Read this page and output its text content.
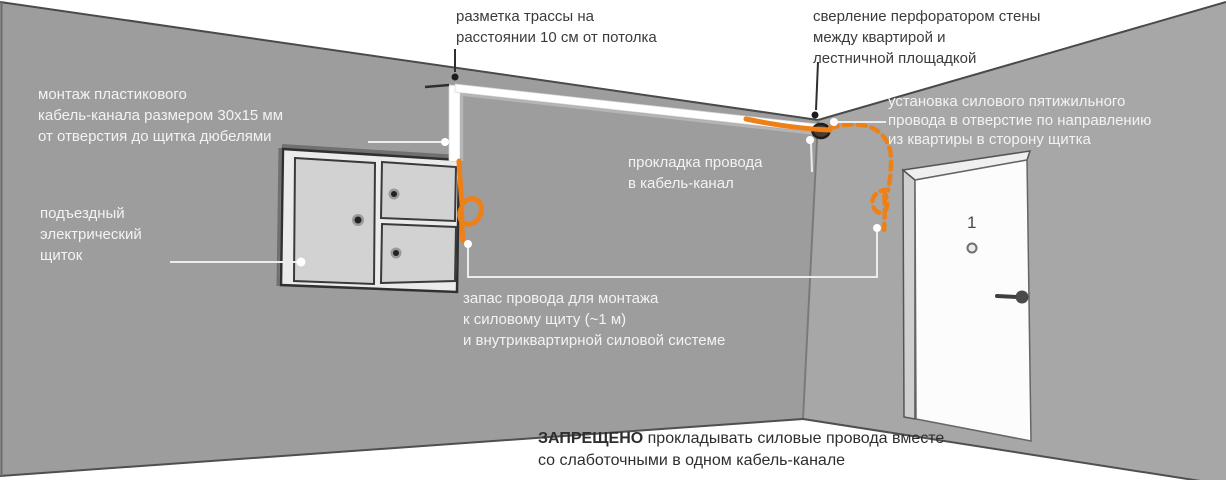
разметка трассы на
расстоянии 10 см от потолка
сверление перфоратором стены
между квартирой и
лестничной площадкой
монтаж пластикового
кабель-канала размером 30x15 мм
от отверстия до щитка дюбелями
подъездный
электрический
щиток
прокладка провода
в кабель-канал
установка силового пятижильного
провода в отверстие по направлению
из квартиры в сторону щитка
запас провода для монтажа
к силовому щиту (~1 м)
и внутриквартирной силовой системе
ЗАПРЕЩЕНО прокладывать силовые провода вместе
со слаботочными в одном кабель-канале
1
